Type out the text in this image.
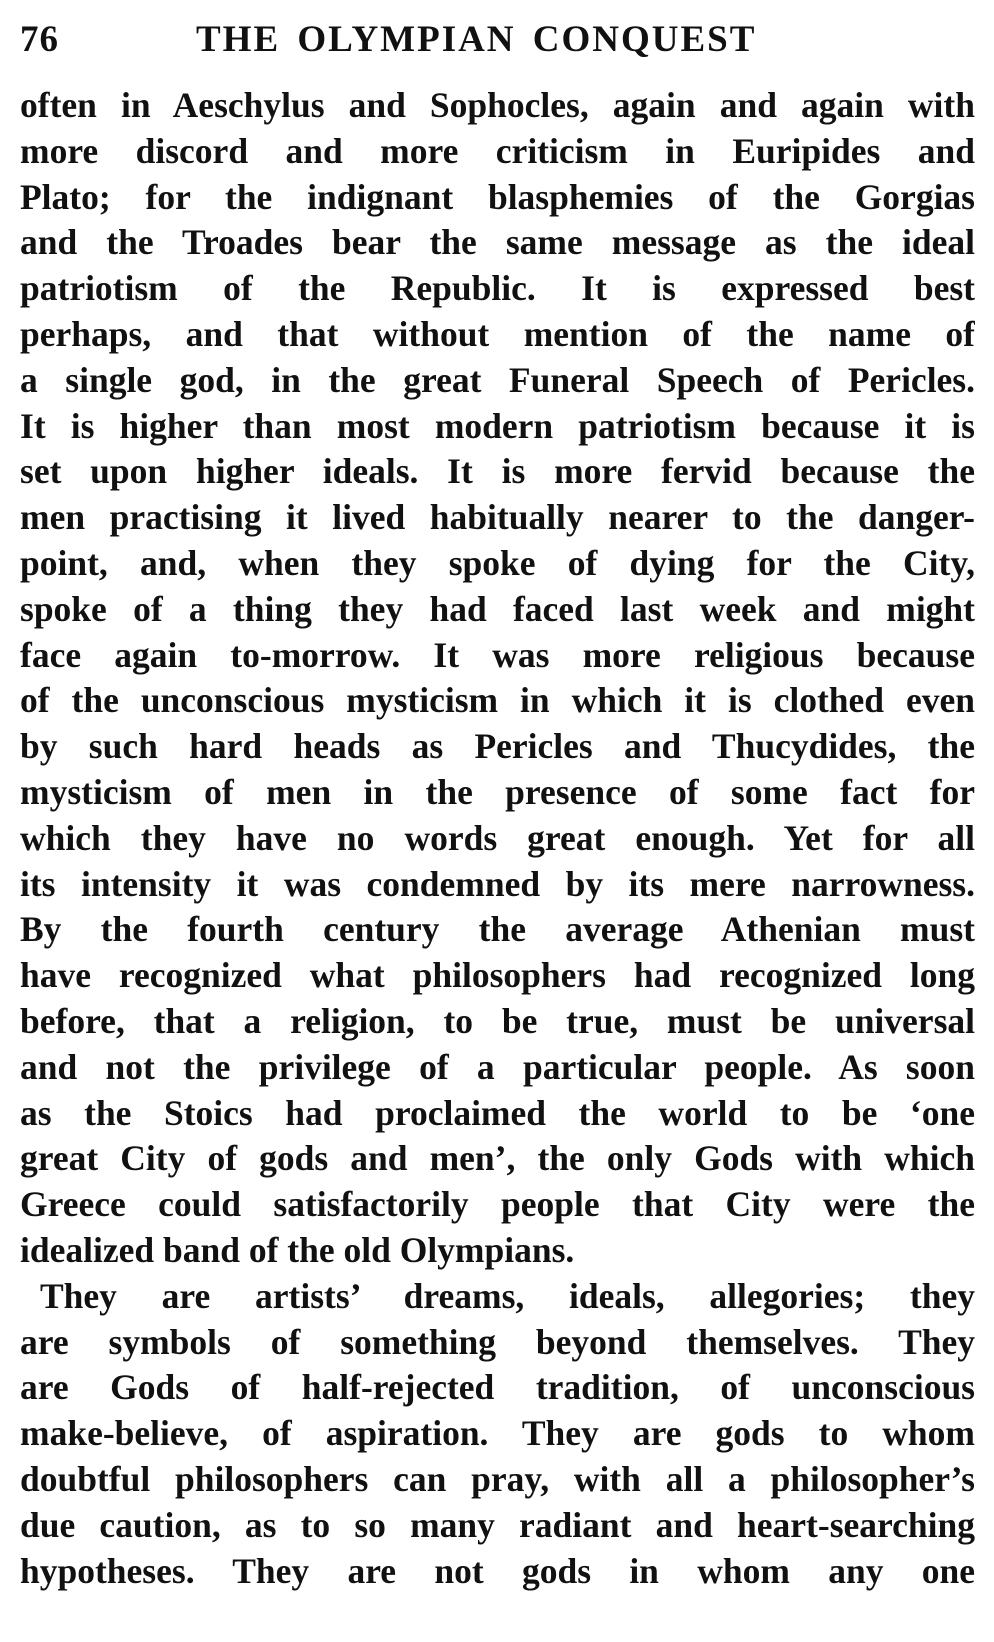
76	THE OLYMPIAN CONQUEST
often in Aeschylus and Sophocles, again and again with
more discord and more criticism in Euripides and
Plato; for the indignant blasphemies of the Gorgias
and the Troades bear the same message as the ideal
patriotism of the Republic. It is expressed best
perhaps, and that without mention of the name of
a single god, in the great Funeral Speech of Pericles.
It is higher than most modern patriotism because it is
set upon higher ideals. It is more fervid because the
men practising it lived habitually nearer to the danger-
point, and, when they spoke of dying for the City,
spoke of a thing they had faced last week and might
face again to-morrow. It was more religious because
of the unconscious mysticism in which it is clothed even
by such hard heads as Pericles and Thucydides, the
mysticism of men in the presence of some fact for
which they have no words great enough. Yet for all
its intensity it was condemned by its mere narrowness.
By the fourth century the average Athenian must
have recognized what philosophers had recognized long
before, that a religion, to be true, must be universal
and not the privilege of a particular people. As soon
as the Stoics had proclaimed the world to be ‘one
great City of gods and men’, the only Gods with which
Greece could satisfactorily people that City were the
idealized band of the old Olympians.
They are artists’ dreams, ideals, allegories; they
are symbols of something beyond themselves. They
are Gods of half-rejected tradition, of unconscious
make-believe, of aspiration. They are gods to whom
doubtful philosophers can pray, with all a philosopher’s
due caution, as to so many radiant and heart-searching
hypotheses. They are not gods in whom any one
